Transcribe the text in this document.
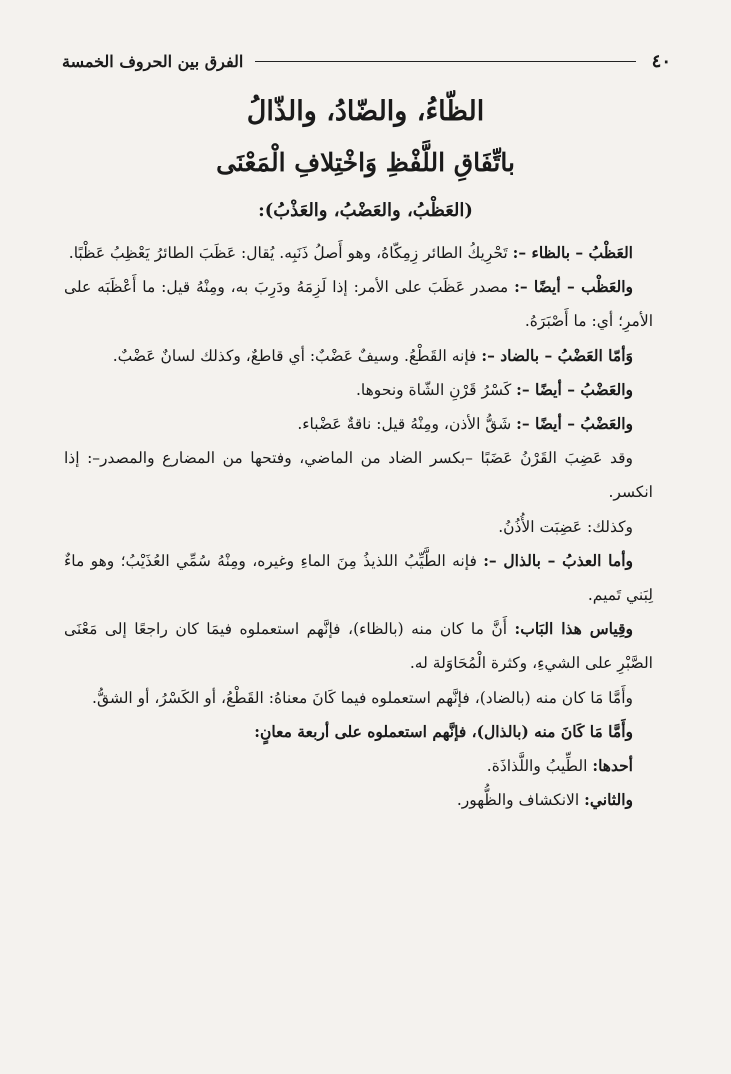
٤٠
الفرق بين الحروف الخمسة
الظّاءُ، والضّادُ، والذّالُ
باتِّفَاقِ اللَّفْظِ وَاخْتِلافِ الْمَعْنَى
(العَظْبُ، والعَضْبُ، والعَذْبُ):

العَظْبُ – بالظاء –: تَحْرِيكُ الطائر زِمِكّاهُ، وهو أَصلُ ذَنَبِه. يُقال: عَظَبَ الطائرُ يَعْظِبُ عَظْبًا.

والعَظْب – أيضًا –: مصدر عَظَبَ على الأمر: إذا لَزِمَهُ ودَرِبَ به، ومِنْهُ قيل: ما أَعْظَبَه على الأمرِ؛ أي: ما أَصْبَرَهُ.

وَأمّا العَضْبُ – بالضاد –: فإنه القَطْعُ. وسيفٌ عَضْبٌ: أي قاطعٌ، وكذلك لسانٌ عَضْبٌ.

والعَضْبُ – أيضًا –: كَسْرُ قَرْنِ الشّاة ونحوها.

والعَضْبُ – أيضًا –: شَقُّ الأذن، ومِنْهُ قيل: ناقةٌ عَضْباء.

وقد عَضِبَ القَرْنُ عَضَبًا –بكسر الضاد من الماضي، وفتحها من المضارع والمصدر–: إذا انكسر.

وكذلك: عَضِبَت الأُذُنُ.

وأما العذبُ – بالذال –: فإنه الطَّيِّبُ اللذيذُ مِنَ الماءِ وغيره، ومِنْهُ سُمِّي العُذَيْبُ؛ وهو ماءٌ لِبَني تَميم.

وقِياس هذا البَاب: أَنَّ ما كان منه (بالظاء)، فإنَّهم استعملوه فيمَا كان راجعًا إلى مَعْنَى الصَّبْرِ على الشيءِ، وكثرة الْمُحَاوَلة له.

وأَمَّا مَا كان منه (بالضاد)، فإنَّهم استعملوه فيما كَانَ معناهُ: القَطْعُ، أو الكَسْرُ، أو الشقُّ.

وأَمَّا مَا كَانَ منه (بالذال)، فإنَّهم استعملوه على أربعة معانٍ:

أحدها: الطِّيبُ واللَّذاذَة.

والثاني: الانكشاف والظُّهور.
